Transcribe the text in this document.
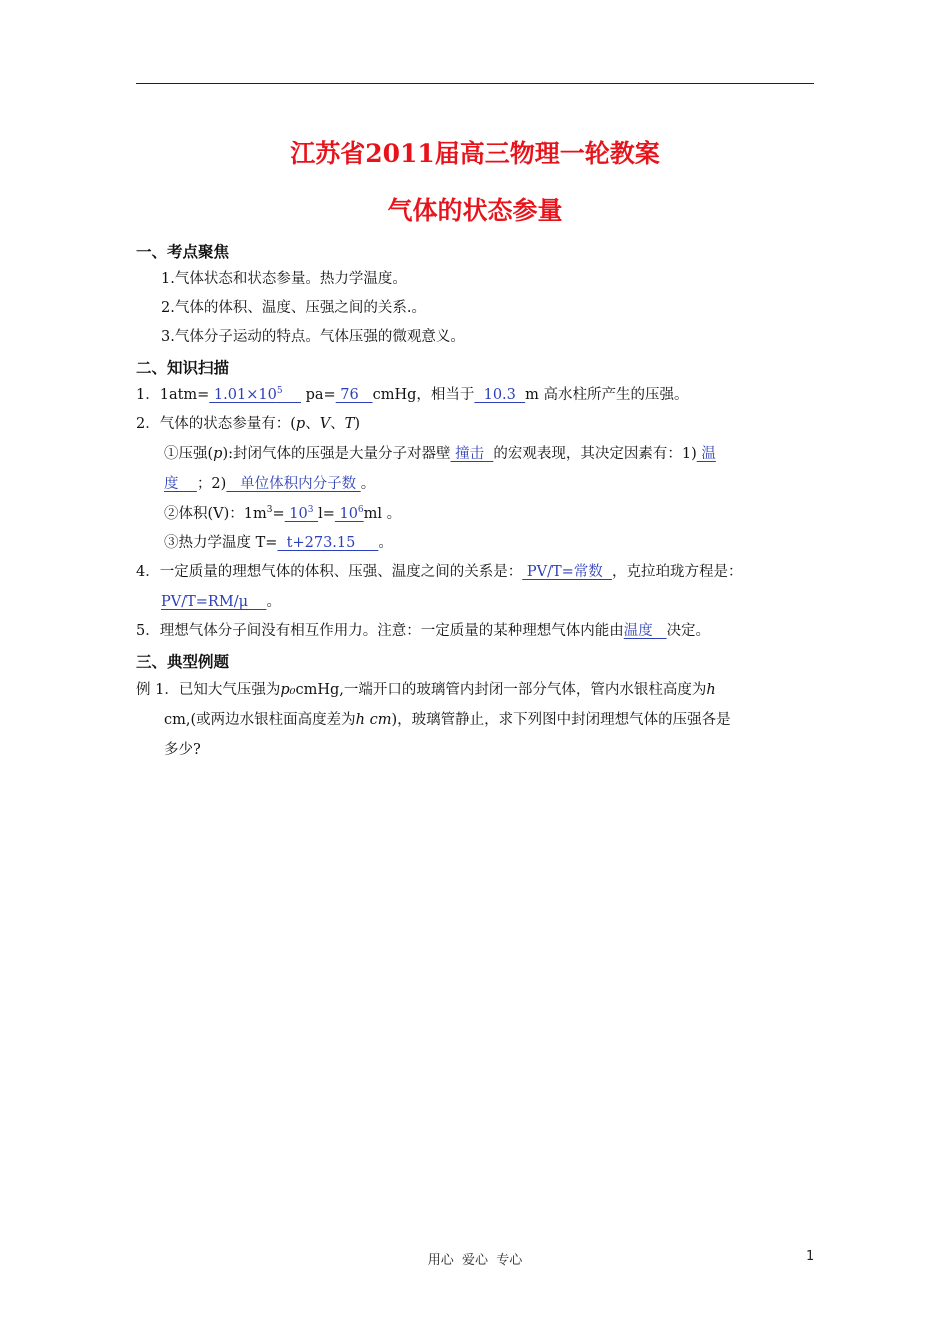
江苏省2011届高三物理一轮教案
气体的状态参量
一、考点聚焦
1.气体状态和状态参量。热力学温度。
2.气体的体积、温度、压强之间的关系.。
3.气体分子运动的特点。气体压强的微观意义。
二、知识扫描
1．$1atm= 1.01\times 10^5$     pa= 76   cmHg，相当于  10.3  m 高水柱所产生的压强。
2．气体的状态参量有：(p、V、T)
①压强(p):封闭气体的压强是大量分子对器壁 撞击  的宏观表现，其决定因素有：1) 温
度    ；2)   单位体积内分子数 。
②体积(V)：$1m^3= 10^3$ $l= 10^6ml$ 。
③热力学温度 T=  t+273.15     。
4．一定质量的理想气体的体积、压强、温度之间的关系是： PV/T=常数  ，克拉珀珑方程是：
PV/T=RM/μ    。
5．理想气体分子间没有相互作用力。注意：一定质量的某种理想气体内能由温度   决定。
三、典型例题
例 1．已知大气压强为p₀cmHg,一端开口的玻璃管内封闭一部分气体，管内水银柱高度为h
cm,(或两边水银柱面高度差为h cm)，玻璃管静止，求下列图中封闭理想气体的压强各是
多少?
用心  爱心  专心	1
